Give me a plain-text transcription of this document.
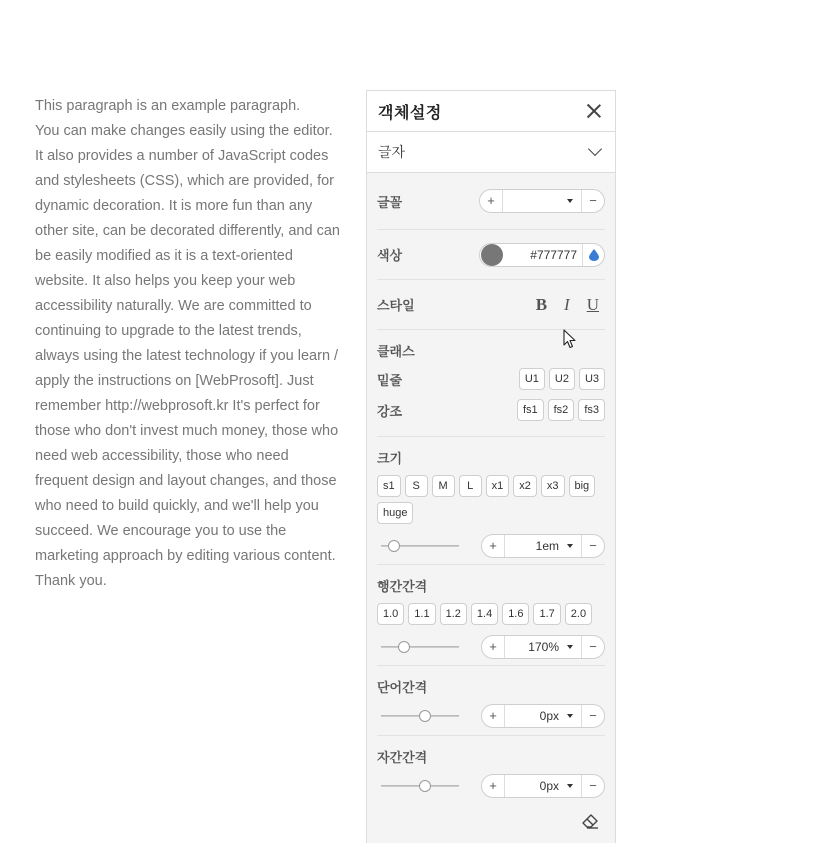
This paragraph is an example paragraph.
You can make changes easily using the editor.
It also provides a number of JavaScript codes
and stylesheets (CSS), which are provided, for
dynamic decoration. It is more fun than any
other site, can be decorated differently, and can
be easily modified as it is a text-oriented
website. It also helps you keep your web
accessibility naturally. We are committed to
continuing to upgrade to the latest trends,
always using the latest technology if you learn /
apply the instructions on [WebProsoft]. Just
remember http://webprosoft.kr It's perfect for
those who don't invest much money, those who
need web accessibility, those who need
frequent design and layout changes, and those
who need to build quickly, and we'll help you
succeed. We encourage you to use the
marketing approach by editing various content.
Thank you.
객체설정
글자
글꼴	+	−
색상	#777777
스타일	B I U
클래스
밑줄	U1	U2	U3
강조	fs1	fs2	fs3
크기
s1	S	M	L	x1	x2	x3	big
huge
+	1em	−
행간간격
1.0	1.1	1.2	1.4	1.6	1.7	2.0
+	170%	−
단어간격
+	0px	−
자간간격
+	0px	−
